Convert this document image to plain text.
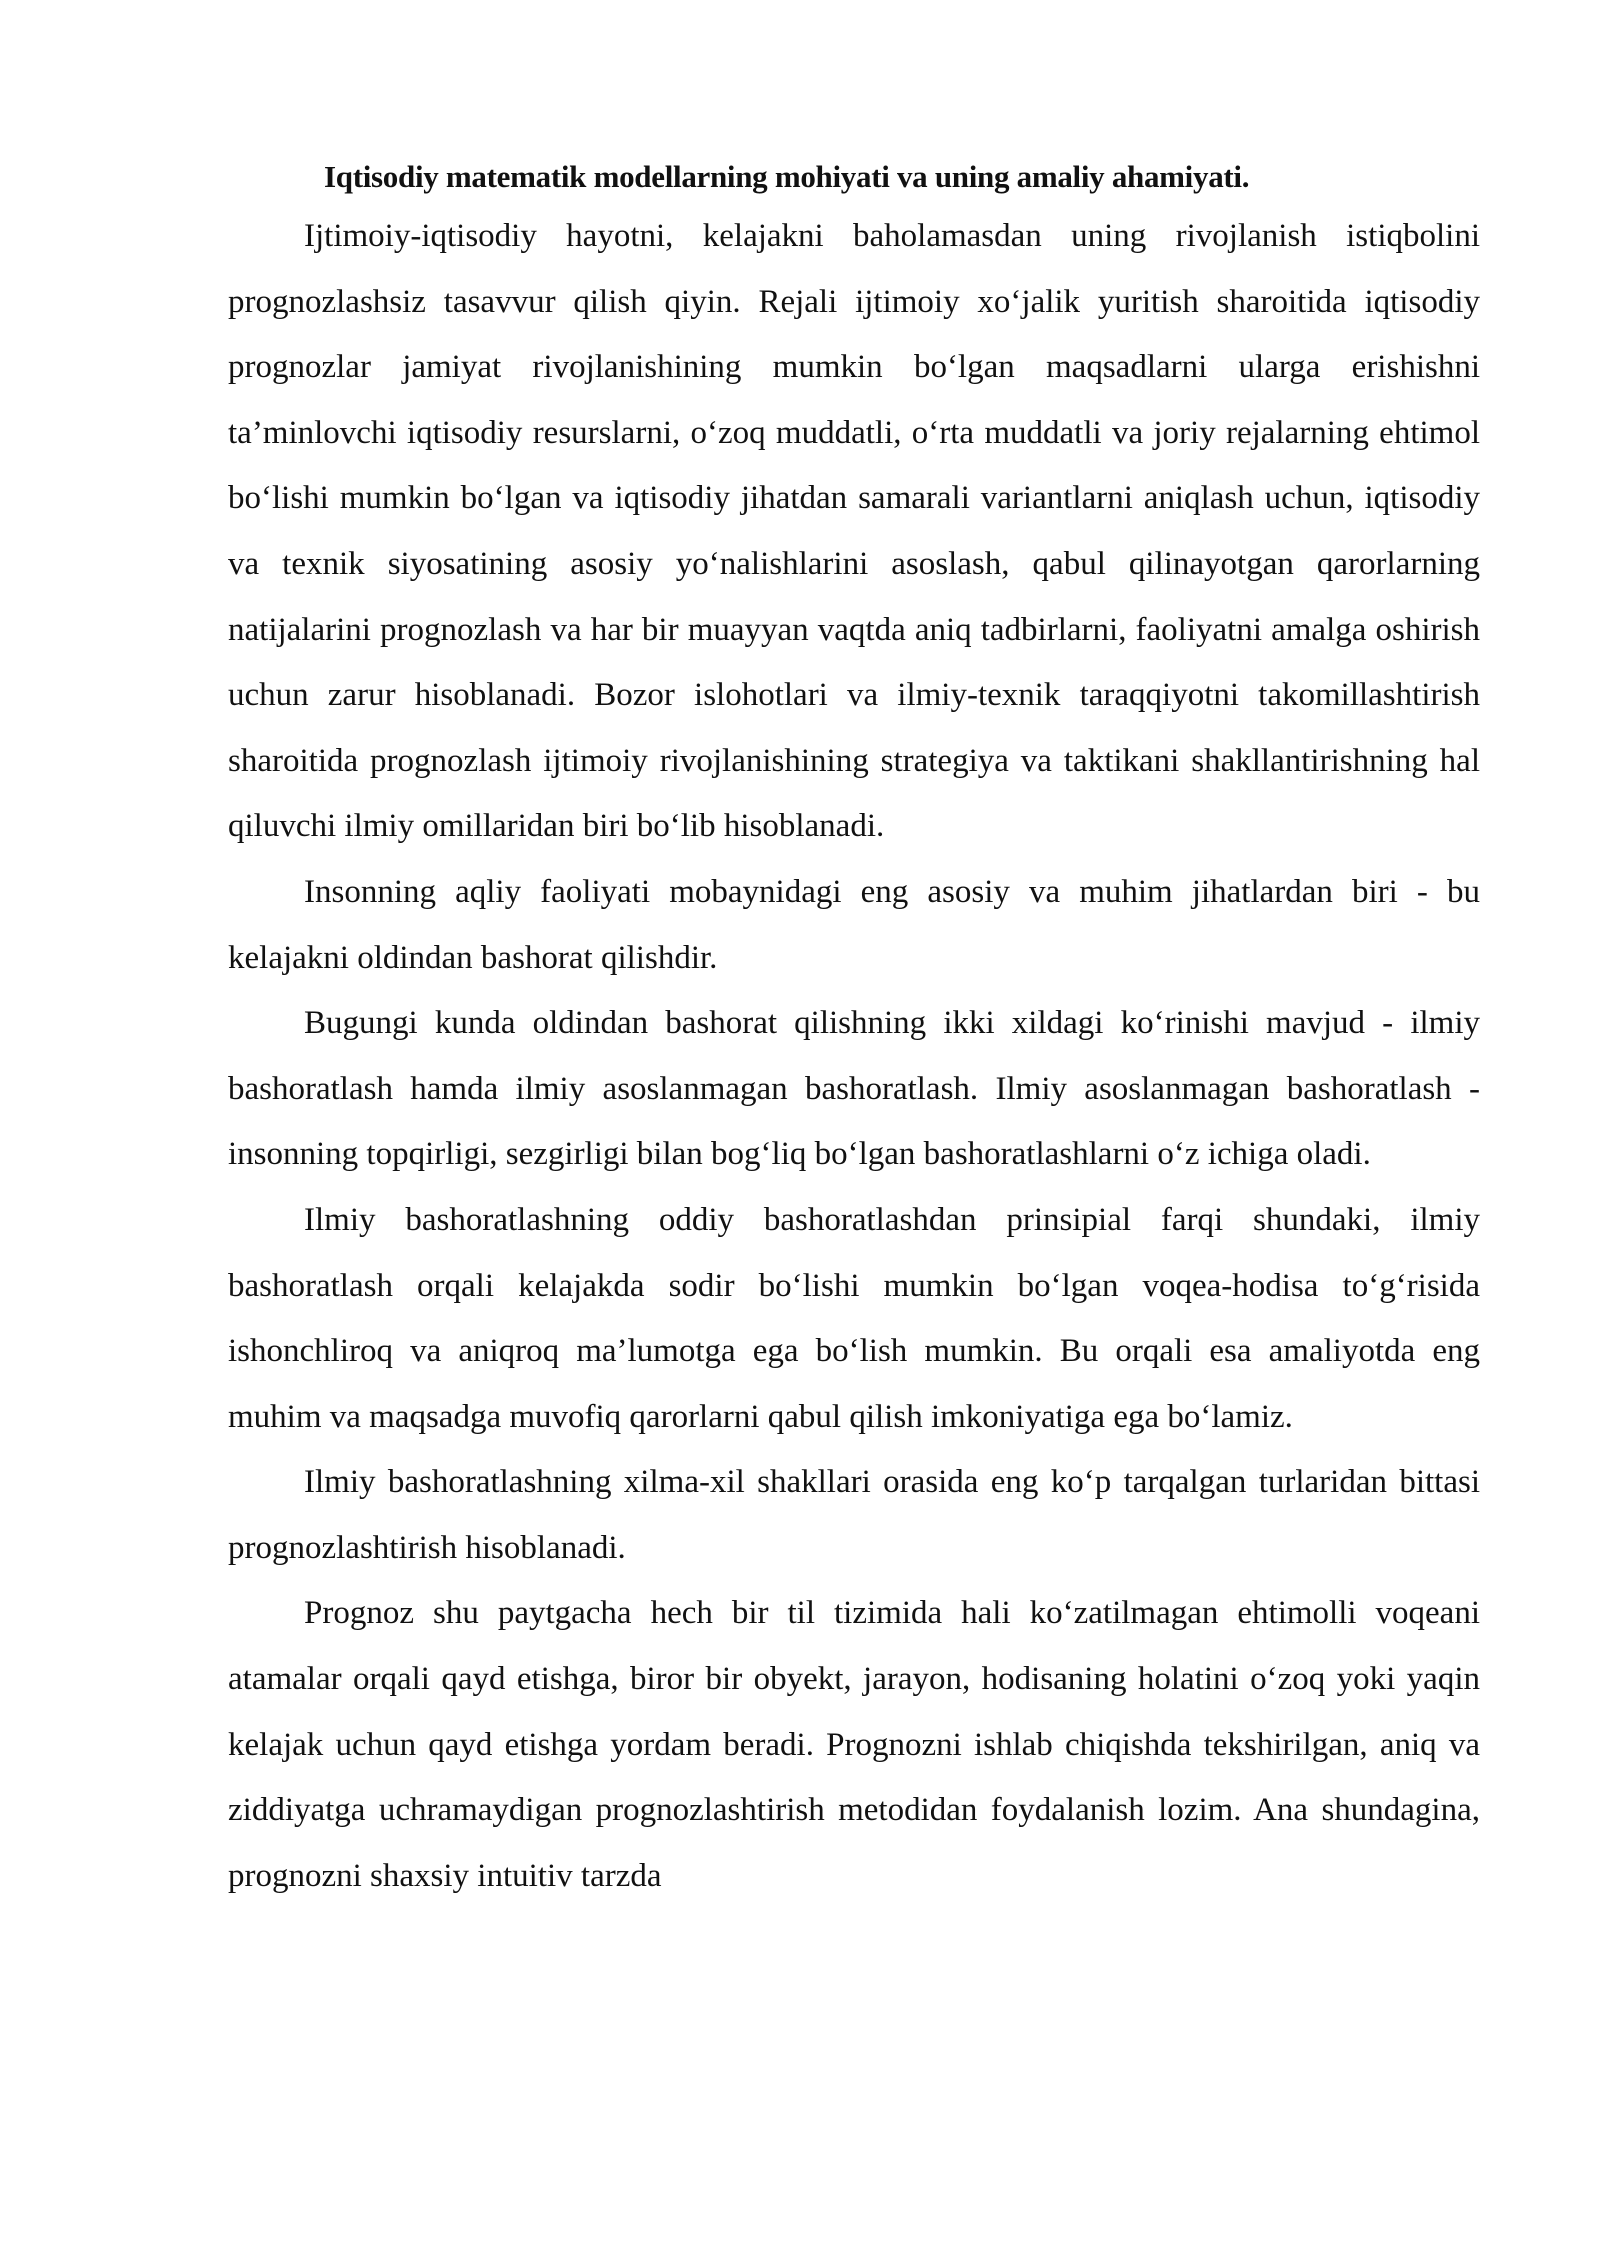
Iqtisodiy matematik modellarning mohiyati va uning amaliy ahamiyati.

Ijtimoiy-iqtisodiy hayotni, kelajakni baholamasdan uning rivojlanish istiqbolini prognozlashsiz tasavvur qilish qiyin. Rejali ijtimoiy xo‘jalik yuritish sharoitida iqtisodiy prognozlar jamiyat rivojlanishining mumkin bo‘lgan maqsadlarni ularga erishishni ta’minlovchi iqtisodiy resurslarni, o‘zoq muddatli, o‘rta muddatli va joriy rejalarning ehtimol bo‘lishi mumkin bo‘lgan va iqtisodiy jihatdan samarali variantlarni aniqlash uchun, iqtisodiy va texnik siyosatining asosiy yo‘nalishlarini asoslash, qabul qilinayotgan qarorlarning natijalarini prognozlash va har bir muayyan vaqtda aniq tadbirlarni, faoliyatni amalga oshirish uchun zarur hisoblanadi. Bozor islohotlari va ilmiy-texnik taraqqiyotni takomillashtirish sharoitida prognozlash ijtimoiy rivojlanishining strategiya va taktikani shakllantirishning hal qiluvchi ilmiy omillaridan biri bo‘lib hisoblanadi.

Insonning aqliy faoliyati mobaynidagi eng asosiy va muhim jihatlardan biri - bu kelajakni oldindan bashorat qilishdir.

Bugungi kunda oldindan bashorat qilishning ikki xildagi ko‘rinishi mavjud - ilmiy bashoratlash hamda ilmiy asoslanmagan bashoratlash. Ilmiy asoslanmagan bashoratlash - insonning topqirligi, sezgirligi bilan bog‘liq bo‘lgan bashoratlashlarni o‘z ichiga oladi.

Ilmiy bashoratlashning oddiy bashoratlashdan prinsipial farqi shundaki, ilmiy bashoratlash orqali kelajakda sodir bo‘lishi mumkin bo‘lgan voqea-hodisa to‘g‘risida ishonchliroq va aniqroq ma’lumotga ega bo‘lish mumkin. Bu orqali esa amaliyotda eng muhim va maqsadga muvofiq qarorlarni qabul qilish imkoniyatiga ega bo‘lamiz.

Ilmiy bashoratlashning xilma-xil shakllari orasida eng ko‘p tarqalgan turlaridan bittasi prognozlashtirish hisoblanadi.

Prognoz shu paytgacha hech bir til tizimida hali ko‘zatilmagan ehtimolli voqeani atamalar orqali qayd etishga, biror bir obyekt, jarayon, hodisaning holatini o‘zoq yoki yaqin kelajak uchun qayd etishga yordam beradi. Prognozni ishlab chiqishda tekshirilgan, aniq va ziddiyatga uchramaydigan prognozlashtirish metodidan foydalanish lozim. Ana shundagina, prognozni shaxsiy intuitiv tarzda
